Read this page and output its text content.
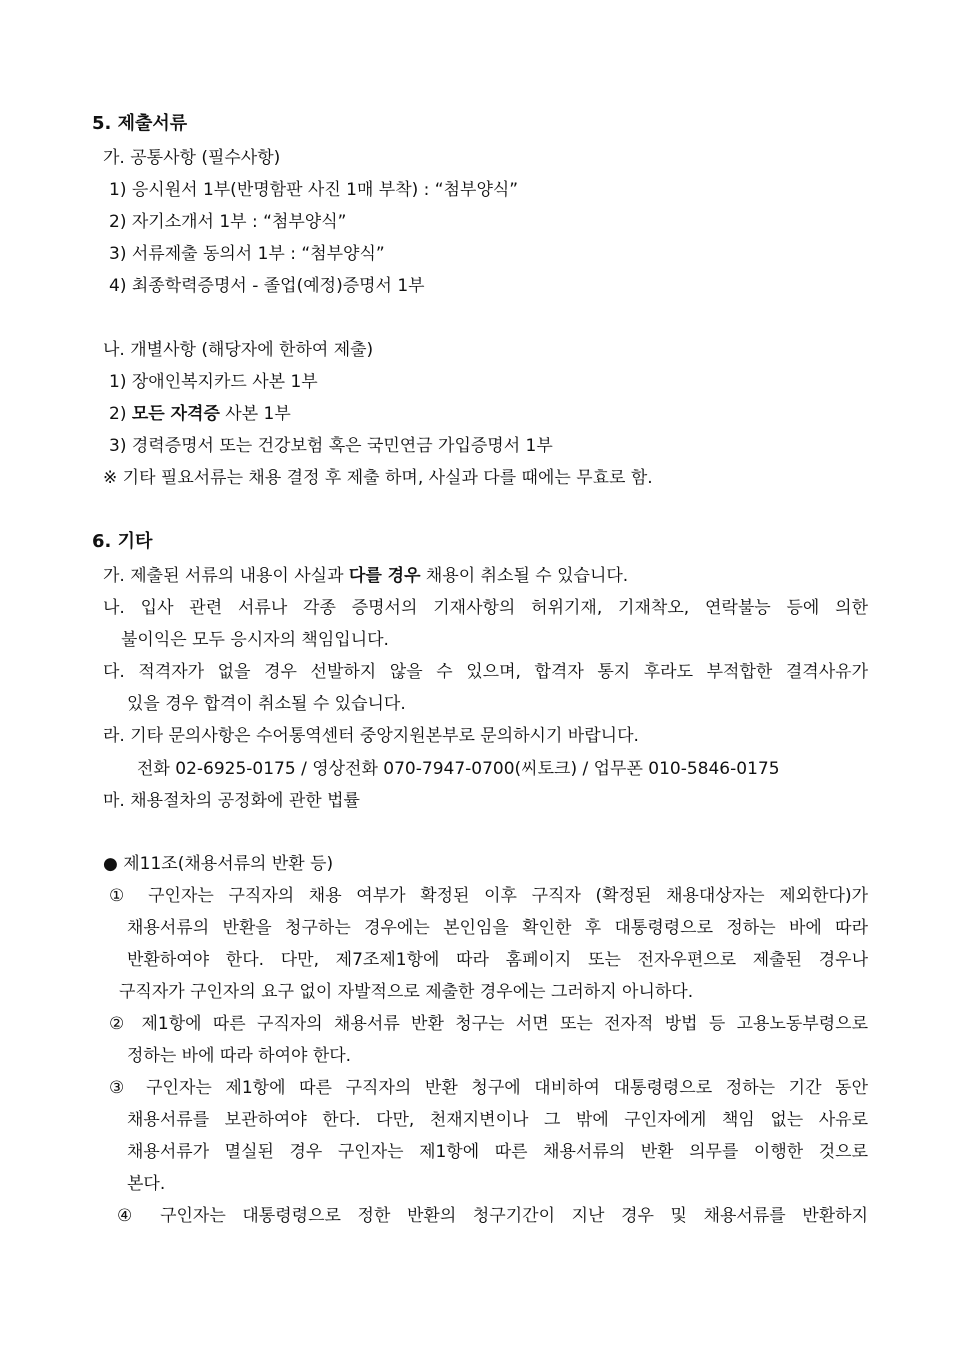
5. 제출서류
가. 공통사항 (필수사항)
1) 응시원서 1부(반명함판 사진 1매 부착) : “첨부양식”
2) 자기소개서 1부 : “첨부양식”
3) 서류제출 동의서 1부 : “첨부양식”
4) 최종학력증명서 - 졸업(예정)증명서 1부
나. 개별사항 (해당자에 한하여 제출)
1) 장애인복지카드 사본 1부
2) 모든 자격증 사본 1부
3) 경력증명서 또는 건강보험 혹은 국민연금 가입증명서 1부
※ 기타 필요서류는 채용 결정 후 제출 하며, 사실과 다를 때에는 무효로 함.
6. 기타
가. 제출된 서류의 내용이 사실과 다를 경우 채용이 취소될 수 있습니다.
나. 입사 관련 서류나 각종 증명서의 기재사항의 허위기재, 기재착오, 연락불능 등에 의한
불이익은 모두 응시자의 책임입니다.
다. 적격자가 없을 경우 선발하지 않을 수 있으며, 합격자 통지 후라도 부적합한 결격사유가
있을 경우 합격이 취소될 수 있습니다.
라. 기타 문의사항은 수어통역센터 중앙지원본부로 문의하시기 바랍니다.
전화 02-6925-0175 / 영상전화 070-7947-0700(씨토크) / 업무폰 010-5846-0175
마. 채용절차의 공정화에 관한 법률
● 제11조(채용서류의 반환 등)
① 구인자는 구직자의 채용 여부가 확정된 이후 구직자 (확정된 채용대상자는 제외한다)가
채용서류의 반환을 청구하는 경우에는 본인임을 확인한 후 대통령령으로 정하는 바에 따라
반환하여야 한다. 다만, 제7조제1항에 따라 홈페이지 또는 전자우편으로 제출된 경우나
구직자가 구인자의 요구 없이 자발적으로 제출한 경우에는 그러하지 아니하다.
② 제1항에 따른 구직자의 채용서류 반환 청구는 서면 또는 전자적 방법 등 고용노동부령으로
정하는 바에 따라 하여야 한다.
③ 구인자는 제1항에 따른 구직자의 반환 청구에 대비하여 대통령령으로 정하는 기간 동안
채용서류를 보관하여야 한다. 다만, 천재지변이나 그 밖에 구인자에게 책임 없는 사유로
채용서류가 멸실된 경우 구인자는 제1항에 따른 채용서류의 반환 의무를 이행한 것으로
본다.
④ 구인자는 대통령령으로 정한 반환의 청구기간이 지난 경우 및 채용서류를 반환하지
